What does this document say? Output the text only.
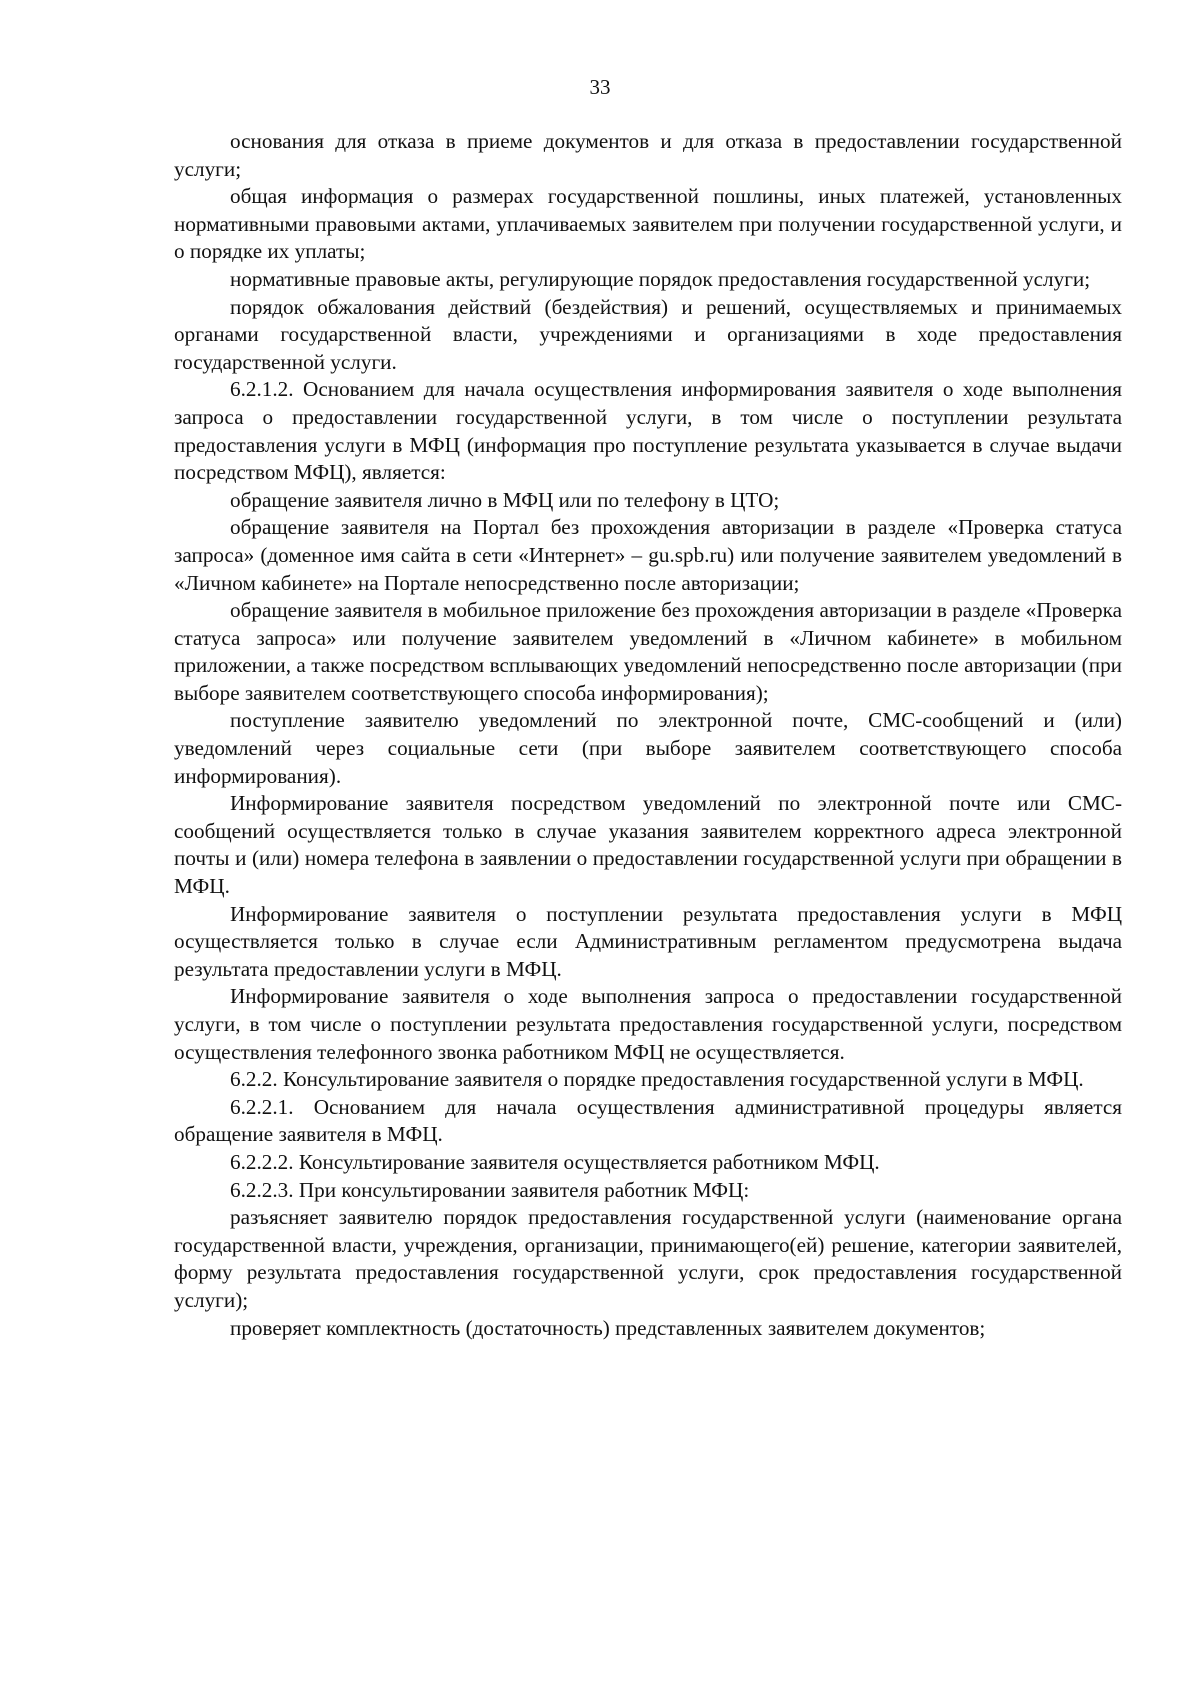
33

основания для отказа в приеме документов и для отказа в предоставлении государственной услуги;

общая информация о размерах государственной пошлины, иных платежей, установленных нормативными правовыми актами, уплачиваемых заявителем при получении государственной услуги, и о порядке их уплаты;

нормативные правовые акты, регулирующие порядок предоставления государственной услуги;

порядок обжалования действий (бездействия) и решений, осуществляемых и принимаемых органами государственной власти, учреждениями и организациями в ходе предоставления государственной услуги.

6.2.1.2. Основанием для начала осуществления информирования заявителя о ходе выполнения запроса о предоставлении государственной услуги, в том числе о поступлении результата предоставления услуги в МФЦ (информация про поступление результата указывается в случае выдачи посредством МФЦ), является:

обращение заявителя лично в МФЦ или по телефону в ЦТО;

обращение заявителя на Портал без прохождения авторизации в разделе «Проверка статуса запроса» (доменное имя сайта в сети «Интернет» – gu.spb.ru) или получение заявителем уведомлений в «Личном кабинете» на Портале непосредственно после авторизации;

обращение заявителя в мобильное приложение без прохождения авторизации в разделе «Проверка статуса запроса» или получение заявителем уведомлений в «Личном кабинете» в мобильном приложении, а также посредством всплывающих уведомлений непосредственно после авторизации (при выборе заявителем соответствующего способа информирования);

поступление заявителю уведомлений по электронной почте, СМС-сообщений и (или) уведомлений через социальные сети (при выборе заявителем соответствующего способа информирования).

Информирование заявителя посредством уведомлений по электронной почте или СМС-сообщений осуществляется только в случае указания заявителем корректного адреса электронной почты и (или) номера телефона в заявлении о предоставлении государственной услуги при обращении в МФЦ.

Информирование заявителя о поступлении результата предоставления услуги в МФЦ осуществляется только в случае если Административным регламентом предусмотрена выдача результата предоставлении услуги в МФЦ.

Информирование заявителя о ходе выполнения запроса о предоставлении государственной услуги, в том числе о поступлении результата предоставления государственной услуги, посредством осуществления телефонного звонка работником МФЦ не осуществляется.

6.2.2. Консультирование заявителя о порядке предоставления государственной услуги в МФЦ.

6.2.2.1. Основанием для начала осуществления административной процедуры является обращение заявителя в МФЦ.

6.2.2.2. Консультирование заявителя осуществляется работником МФЦ.

6.2.2.3. При консультировании заявителя работник МФЦ:

разъясняет заявителю порядок предоставления государственной услуги (наименование органа государственной власти, учреждения, организации, принимающего(ей) решение, категории заявителей, форму результата предоставления государственной услуги, срок предоставления государственной услуги);

проверяет комплектность (достаточность) представленных заявителем документов;
